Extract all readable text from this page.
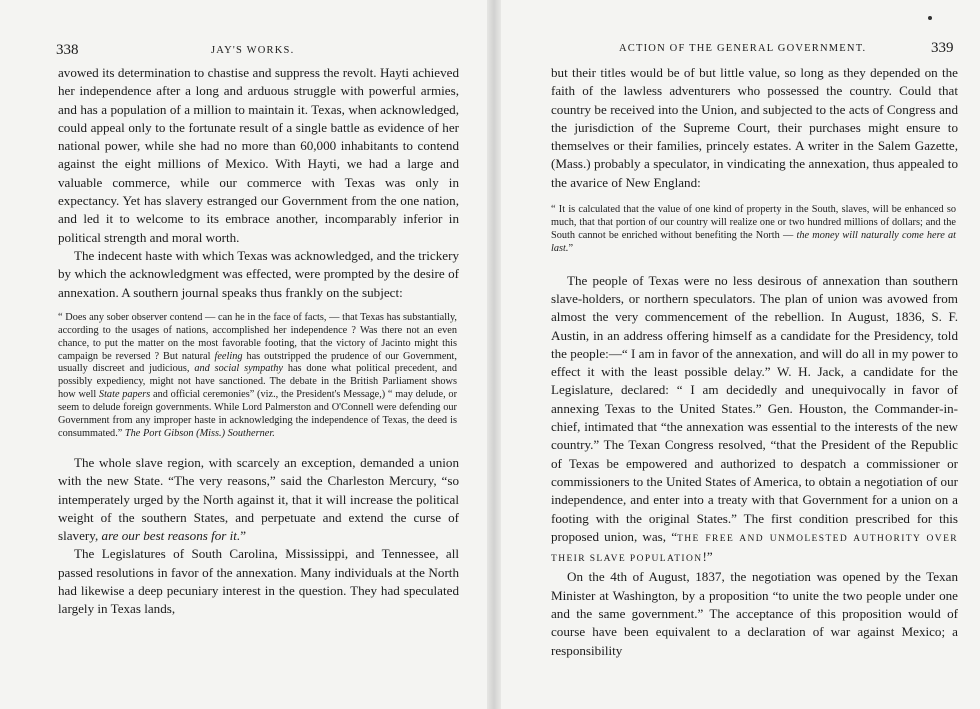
338	JAY'S WORKS.

avowed its determination to chastise and suppress the revolt. Hayti achieved her independence after a long and arduous struggle with powerful armies, and has a population of a million to maintain it. Texas, when acknowledged, could appeal only to the fortunate result of a single battle as evidence of her national power, while she had no more than 60,000 inhabitants to contend against the eight millions of Mexico. With Hayti, we had a large and valuable commerce, while our commerce with Texas was only in expectancy. Yet has slavery estranged our Government from the one nation, and led it to welcome to its embrace another, incomparably inferior in political strength and moral worth.

The indecent haste with which Texas was acknowledged, and the trickery by which the acknowledgment was effected, were prompted by the desire of annexation. A southern journal speaks thus frankly on the subject:

“ Does any sober observer contend — can he in the face of facts, — that Texas has substantially, according to the usages of nations, accomplished her independence ? Was there not an even chance, to put the matter on the most favorable footing, that the victory of Jacinto might this campaign be reversed ? But natural feeling has outstripped the prudence of our Government, usually discreet and judicious, and social sympathy has done what political precedent, and possibly expediency, might not have sanctioned. The debate in the British Parliament shows how well State papers and official ceremonies” (viz., the President's Message,) “ may delude, or seem to delude foreign governments. While Lord Palmerston and O'Connell were defending our Government from any improper haste in acknowledging the independence of Texas, the deed is consummated.” The Port Gibson (Miss.) Southerner.

The whole slave region, with scarcely an exception, demanded a union with the new State. “The very reasons,” said the Charleston Mercury, “so intemperately urged by the North against it, that it will increase the political weight of the southern States, and perpetuate and extend the curse of slavery, are our best reasons for it.”

The Legislatures of South Carolina, Mississippi, and Tennessee, all passed resolutions in favor of the annexation. Many individuals at the North had likewise a deep pecuniary interest in the question. They had speculated largely in Texas lands,

ACTION OF THE GENERAL GOVERNMENT.	339

but their titles would be of but little value, so long as they depended on the faith of the lawless adventurers who possessed the country. Could that country be received into the Union, and subjected to the acts of Congress and the jurisdiction of the Supreme Court, their purchases might ensure to themselves or their families, princely estates. A writer in the Salem Gazette, (Mass.) probably a speculator, in vindicating the annexation, thus appealed to the avarice of New England:

“ It is calculated that the value of one kind of property in the South, slaves, will be enhanced so much, that that portion of our country will realize one or two hundred millions of dollars; and the South cannot be enriched without benefiting the North — the money will naturally come here at last.”

The people of Texas were no less desirous of annexation than southern slave-holders, or northern speculators. The plan of union was avowed from almost the very commencement of the rebellion. In August, 1836, S. F. Austin, in an address offering himself as a candidate for the Presidency, told the people:—“ I am in favor of the annexation, and will do all in my power to effect it with the least possible delay.” W. H. Jack, a candidate for the Legislature, declared: “ I am decidedly and unequivocally in favor of annexing Texas to the United States.” Gen. Houston, the Commander-in-chief, intimated that “the annexation was essential to the interests of the new country.” The Texan Congress resolved, “that the President of the Republic of Texas be empowered and authorized to despatch a commissioner or commissioners to the United States of America, to obtain a negotiation of our independence, and enter into a treaty with that Government for a union on a footing with the original States.” The first condition prescribed for this proposed union, was, “THE FREE AND UNMOLESTED AUTHORITY OVER THEIR SLAVE POPULATION!”

On the 4th of August, 1837, the negotiation was opened by the Texan Minister at Washington, by a proposition “to unite the two people under one and the same government.” The acceptance of this proposition would of course have been equivalent to a declaration of war against Mexico; a responsibility
